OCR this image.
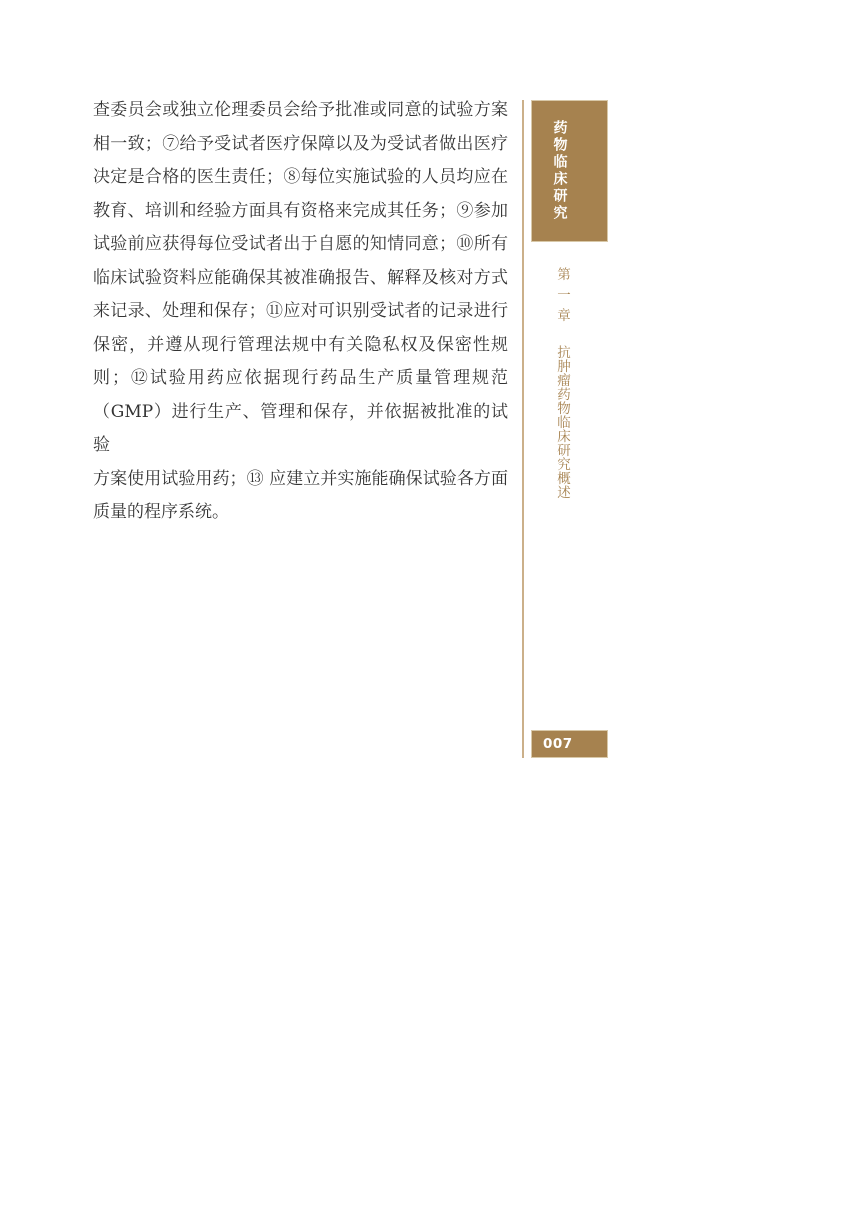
查委员会或独立伦理委员会给予批准或同意的试验方案
相一致；⑦给予受试者医疗保障以及为受试者做出医疗
决定是合格的医生责任；⑧每位实施试验的人员均应在
教育、培训和经验方面具有资格来完成其任务；⑨参加
试验前应获得每位受试者出于自愿的知情同意；⑩所有
临床试验资料应能确保其被准确报告、解释及核对方式
来记录、处理和保存；⑪应对可识别受试者的记录进行
保密，并遵从现行管理法规中有关隐私权及保密性规
则；⑫试验用药应依据现行药品生产质量管理规范
（GMP）进行生产、管理和保存，并依据被批准的试验
方案使用试验用药；⑬ 应建立并实施能确保试验各方面
质量的程序系统。
药物临床研究
第一章抗肿瘤药物临床研究概述
007
